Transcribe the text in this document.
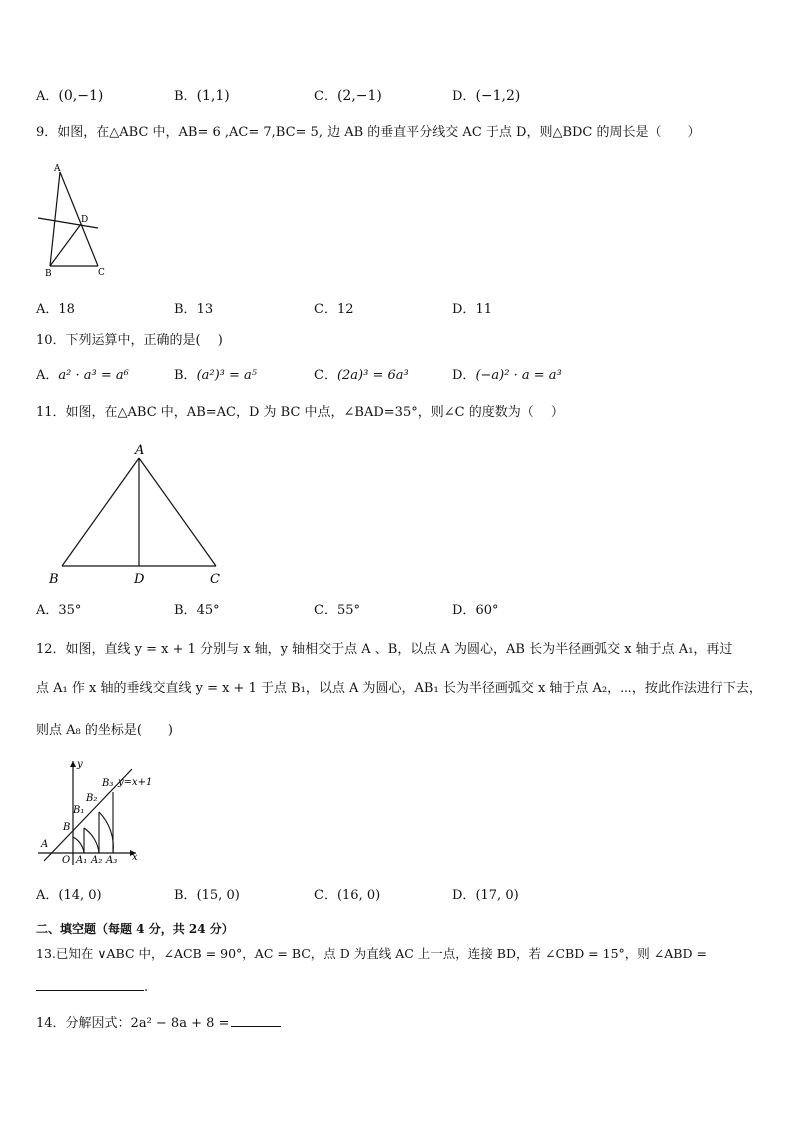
A．(0,−1)	B．(1,1)	C．(2,−1)	D．(−1,2)
9．如图，在△ABC 中，AB= 6 ,AC= 7,BC= 5, 边 AB 的垂直平分线交 AC 于点 D，则△BDC 的周长是（　　）
A
D
B	C
A．18	B．13	C．12	D．11
10．下列运算中，正确的是(　 )
A．a² · a³ = a⁶	B．(a²)³ = a⁵	C．(2a)³ = 6a³	D．(−a)² · a = a³
11．如图，在△ABC 中，AB=AC，D 为 BC 中点，∠BAD=35°，则∠C 的度数为（　 ）
A
B	D	C
A．35°	B．45°	C．55°	D．60°
12．如图，直线 y = x + 1 分别与 x 轴，y 轴相交于点 A 、B，以点 A 为圆心，AB 长为半径画弧交 x 轴于点 A₁，再过
点 A₁ 作 x 轴的垂线交直线 y = x + 1 于点 B₁，以点 A 为圆心，AB₁ 长为半径画弧交 x 轴于点 A₂，⋯，按此作法进行下去，
则点 A₈ 的坐标是(　　)
y
x
y=x+1
A
O
B
B₁
B₂
B₃
A₁ A₂ A₃
A．(14, 0)	B．(15, 0)	C．(16, 0)	D．(17, 0)
二、填空题（每题 4 分，共 24 分）
13.已知在 ∨ABC 中，∠ACB = 90°，AC = BC，点 D 为直线 AC 上一点，连接 BD，若 ∠CBD = 15°，则 ∠ABD =
.
14．分解因式：2a² − 8a + 8 =
